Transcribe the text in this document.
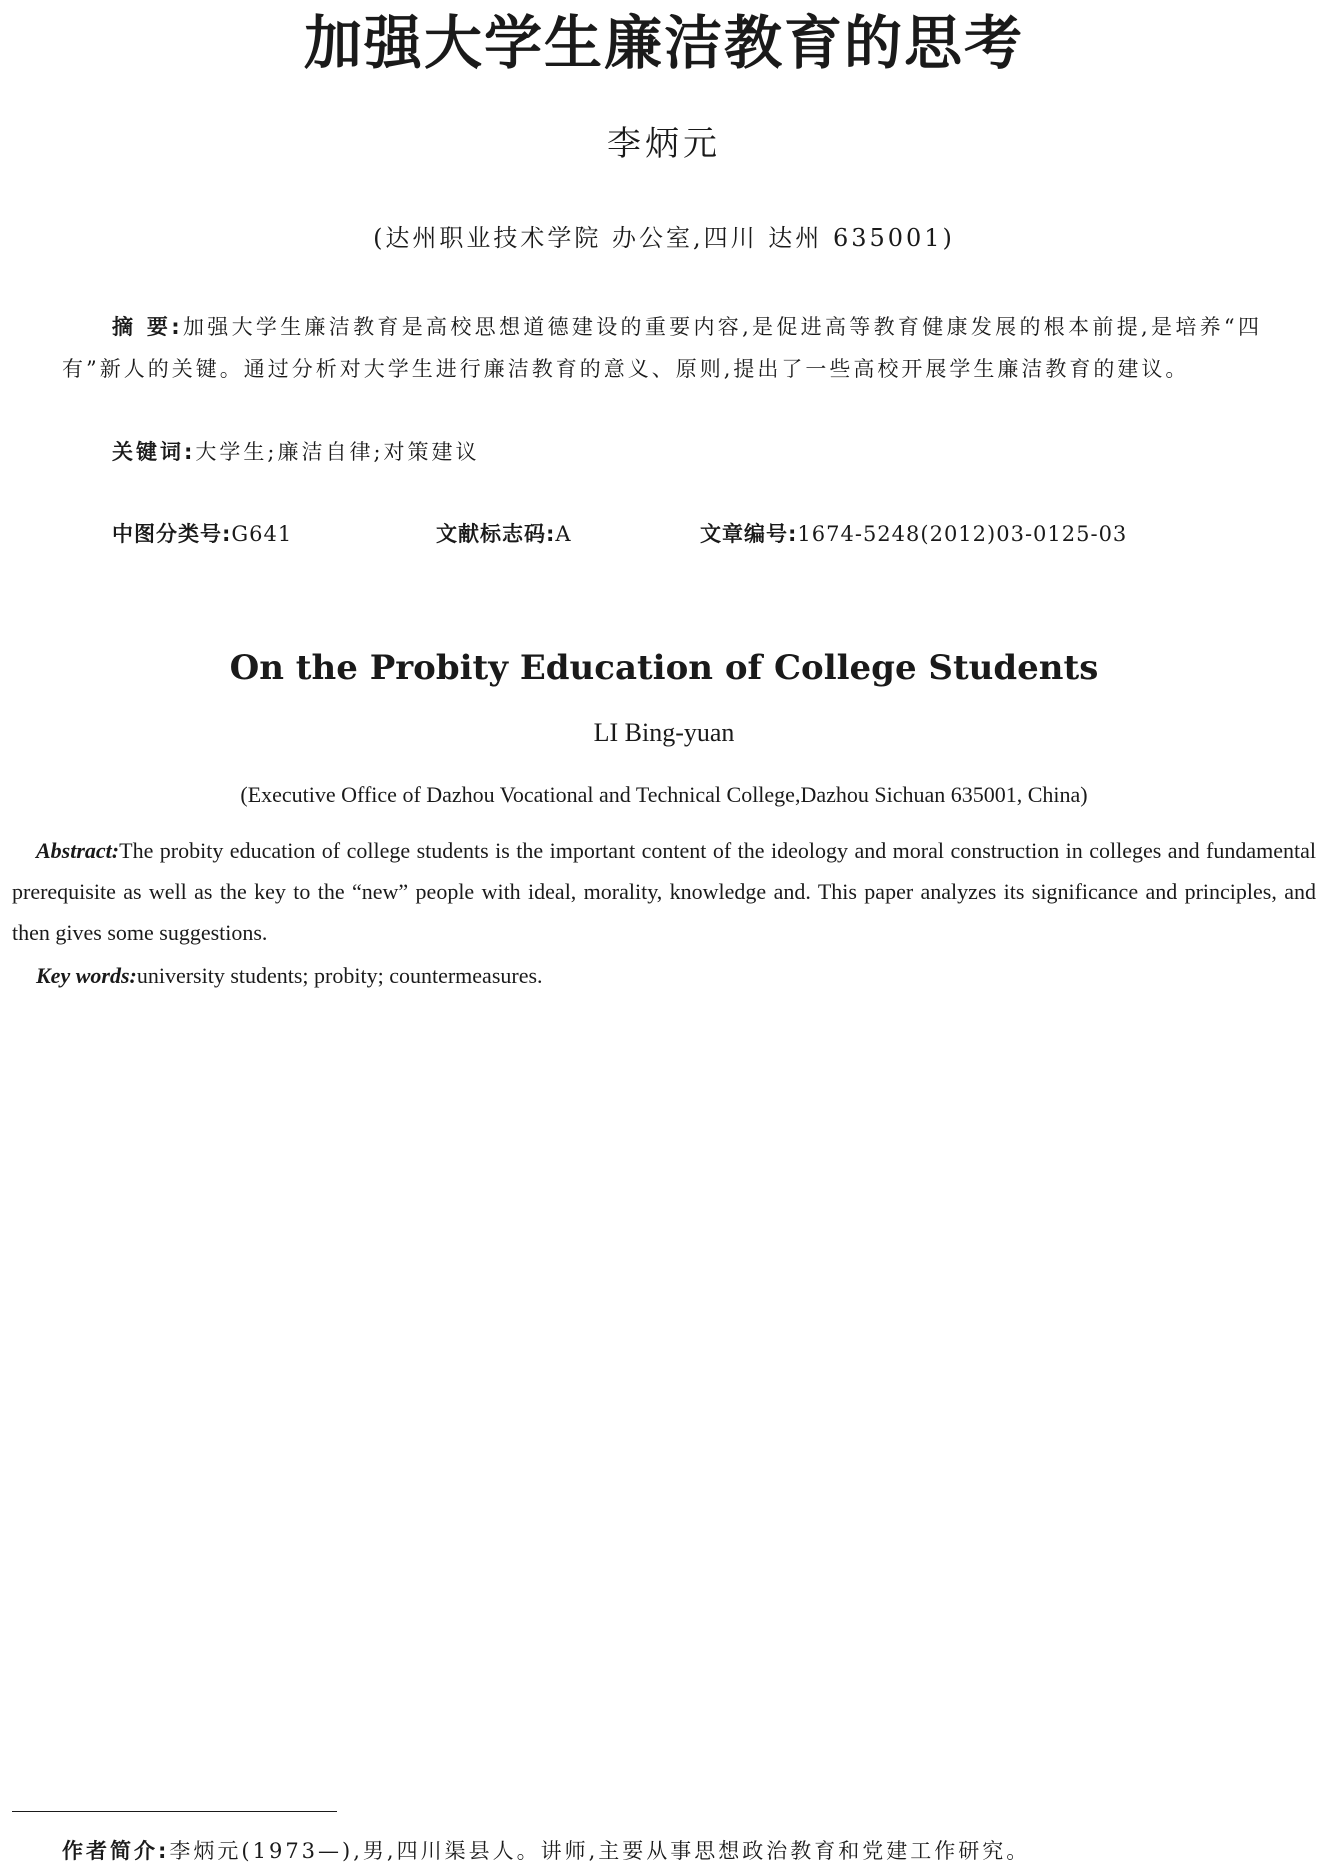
加强大学生廉洁教育的思考
李炳元
(达州职业技术学院 办公室,四川 达州 635001)

摘 要:加强大学生廉洁教育是高校思想道德建设的重要内容,是促进高等教育健康发展的根本前提,是培养“四有”新人的关键。通过分析对大学生进行廉洁教育的意义、原则,提出了一些高校开展学生廉洁教育的建议。

关键词:大学生;廉洁自律;对策建议

中图分类号:G641	文献标志码:A	文章编号:1674-5248(2012)03-0125-03
On the Probity Education of College Students
LI Bing-yuan
(Executive Office of Dazhou Vocational and Technical College,Dazhou Sichuan 635001, China)

Abstract:The probity education of college students is the important content of the ideology and moral construction in colleges and fundamental prerequisite as well as the key to the “new” people with ideal, morality, knowledge and. This paper analyzes its significance and principles, and then gives some suggestions.

Key words:university students; probity; countermeasures.

作者简介:李炳元(1973—),男,四川渠县人。讲师,主要从事思想政治教育和党建工作研究。
